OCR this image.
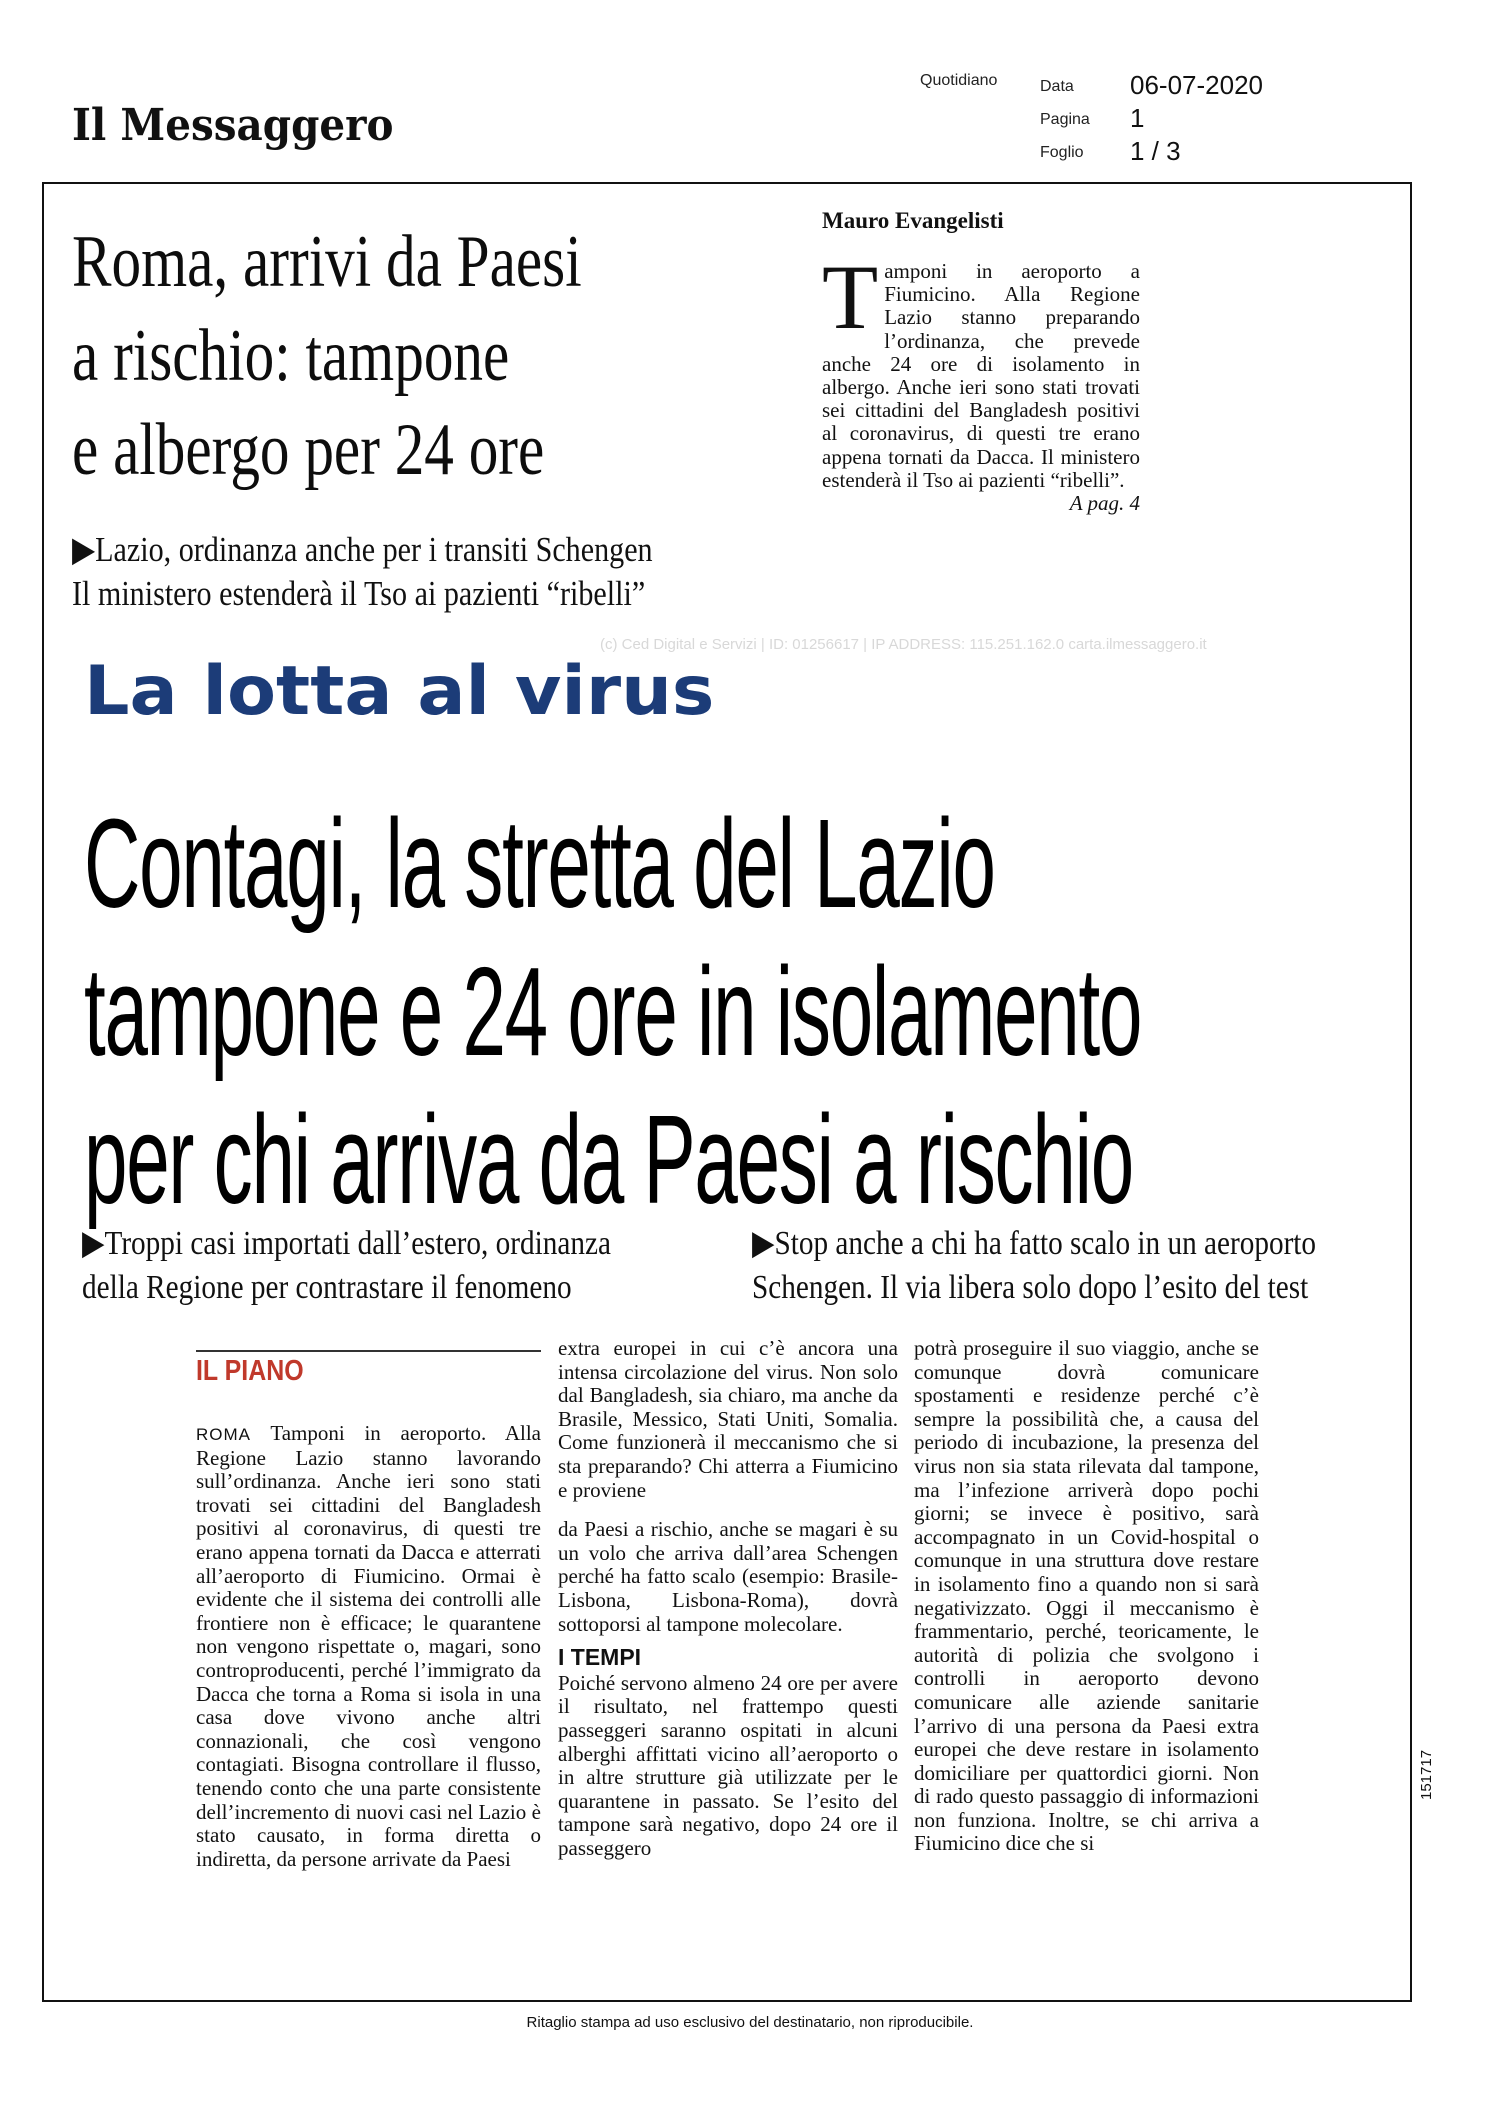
Il Messaggero
Quotidiano	Data 06-07-2020
Pagina 1
Foglio 1 / 3
Roma, arrivi da Paesi
a rischio: tampone
e albergo per 24 ore
▶Lazio, ordinanza anche per i transiti Schengen
Il ministero estenderà il Tso ai pazienti “ribelli”
Mauro Evangelisti
Tamponi in aeroporto a Fiumicino. Alla Regione Lazio stanno preparando l’ordinanza, che prevede anche 24 ore di isolamento in albergo. Anche ieri sono stati trovati sei cittadini del Bangladesh positivi al coronavirus, di questi tre erano appena tornati da Dacca. Il ministero estenderà il Tso ai pazienti “ribelli”.
A pag. 4
(c) Ced Digital e Servizi | ID: 01256617 | IP ADDRESS: 115.251.162.0 carta.ilmessaggero.it
La lotta al virus
Contagi, la stretta del Lazio
tampone e 24 ore in isolamento
per chi arriva da Paesi a rischio
▶Troppi casi importati dall’estero, ordinanza
della Regione per contrastare il fenomeno
▶Stop anche a chi ha fatto scalo in un aeroporto
Schengen. Il via libera solo dopo l’esito del test
IL PIANO

ROMA Tamponi in aeroporto. Alla Regione Lazio stanno lavorando sull’ordinanza. Anche ieri sono stati trovati sei cittadini del Bangladesh positivi al coronavirus, di questi tre erano appena tornati da Dacca e atterrati all’aeroporto di Fiumicino. Ormai è evidente che il sistema dei controlli alle frontiere non è efficace; le quarantene non vengono rispettate o, magari, sono controproducenti, perché l’immigrato da Dacca che torna a Roma si isola in una casa dove vivono anche altri connazionali, che così vengono contagiati. Bisogna controllare il flusso, tenendo conto che una parte consistente dell’incremento di nuovi casi nel Lazio è stato causato, in forma diretta o indiretta, da persone arrivate da Paesi

extra europei in cui c’è ancora una intensa circolazione del virus. Non solo dal Bangladesh, sia chiaro, ma anche da Brasile, Messico, Stati Uniti, Somalia. Come funzionerà il meccanismo che si sta preparando? Chi atterra a Fiumicino e proviene

da Paesi a rischio, anche se magari è su un volo che arriva dall’area Schengen perché ha fatto scalo (esempio: Brasile-Lisbona, Lisbona-Roma), dovrà sottoporsi al tampone molecolare.

I TEMPI

Poiché servono almeno 24 ore per avere il risultato, nel frattempo questi passeggeri saranno ospitati in alcuni alberghi affittati vicino all’aeroporto o in altre strutture già utilizzate per le quarantene in passato. Se l’esito del tampone sarà negativo, dopo 24 ore il passeggero

potrà proseguire il suo viaggio, anche se comunque dovrà comunicare spostamenti e residenze perché c’è sempre la possibilità che, a causa del periodo di incubazione, la presenza del virus non sia stata rilevata dal tampone, ma l’infezione arriverà dopo pochi giorni; se invece è positivo, sarà accompagnato in un Covid-hospital o comunque in una struttura dove restare in isolamento fino a quando non si sarà negativizzato. Oggi il meccanismo è frammentario, perché, teoricamente, le autorità di polizia che svolgono i controlli in aeroporto devono comunicare alle aziende sanitarie l’arrivo di una persona da Paesi extra europei che deve restare in isolamento domiciliare per quattordici giorni. Non di rado questo passaggio di informazioni non funziona. Inoltre, se chi arriva a Fiumicino dice che si

151717
Ritaglio stampa ad uso esclusivo del destinatario, non riproducibile.
